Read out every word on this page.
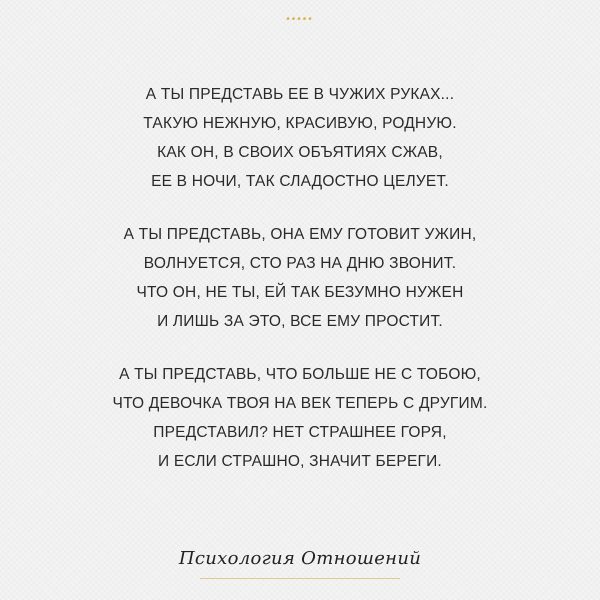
•••••
А ТЫ ПРЕДСТАВЬ ЕЕ В ЧУЖИХ РУКАХ...
ТАКУЮ НЕЖНУЮ, КРАСИВУЮ, РОДНУЮ.
КАК ОН, В СВОИХ ОБЪЯТИЯХ СЖАВ,
ЕЕ В НОЧИ, ТАК СЛАДОСТНО ЦЕЛУЕТ.
А ТЫ ПРЕДСТАВЬ, ОНА ЕМУ ГОТОВИТ УЖИН,
ВОЛНУЕТСЯ, СТО РАЗ НА ДНЮ ЗВОНИТ.
ЧТО ОН, НЕ ТЫ, ЕЙ ТАК БЕЗУМНО НУЖЕН
И ЛИШЬ ЗА ЭТО, ВСЕ ЕМУ ПРОСТИТ.
А ТЫ ПРЕДСТАВЬ, ЧТО БОЛЬШЕ НЕ С ТОБОЮ,
ЧТО ДЕВОЧКА ТВОЯ НА ВЕК ТЕПЕРЬ С ДРУГИМ.
ПРЕДСТАВИЛ? НЕТ СТРАШНЕЕ ГОРЯ,
И ЕСЛИ СТРАШНО, ЗНАЧИТ БЕРЕГИ.
Психология Отношений
